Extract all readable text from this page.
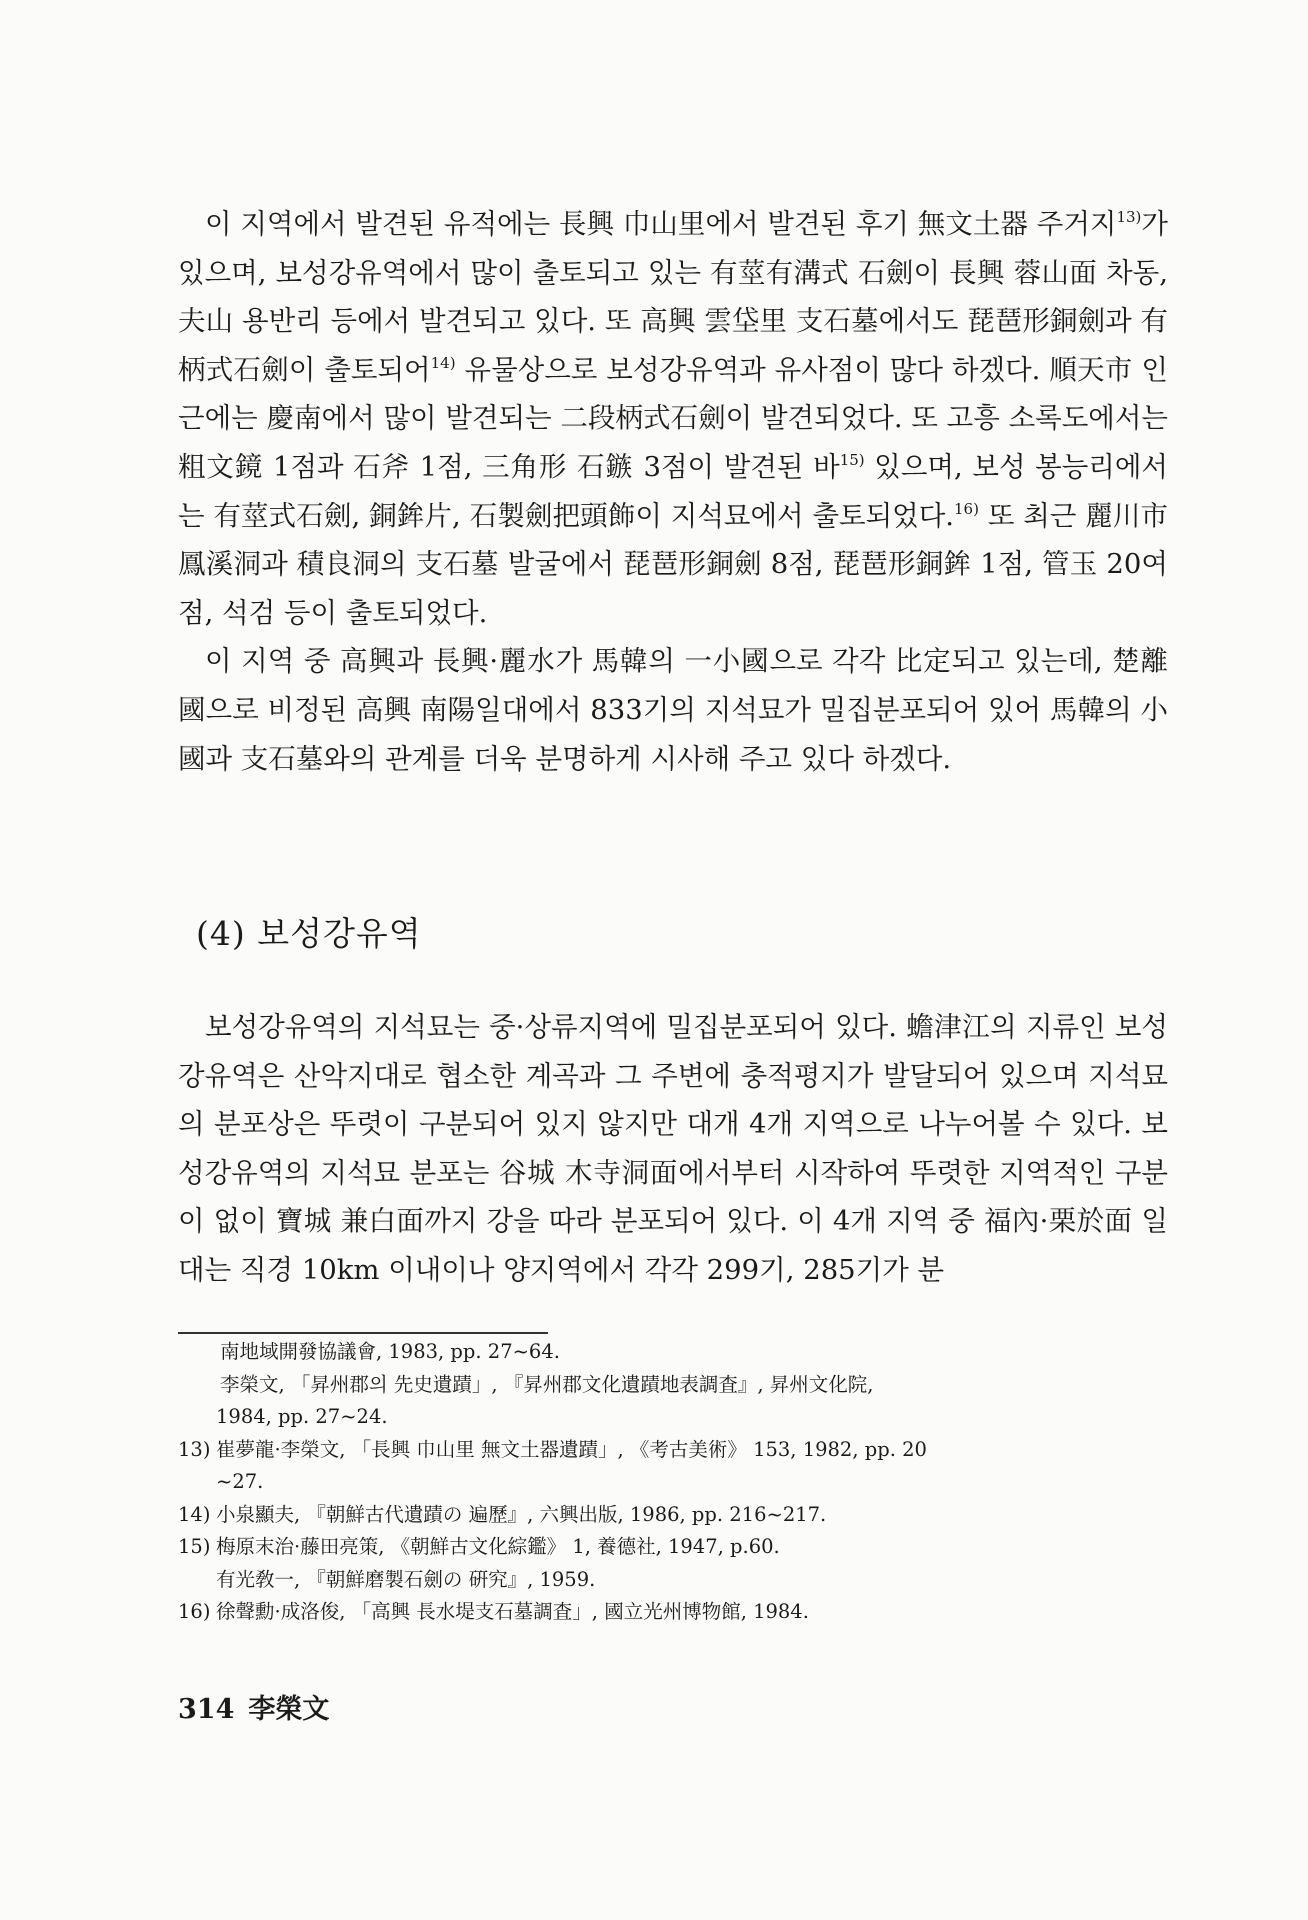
이 지역에서 발견된 유적에는 長興 巾山里에서 발견된 후기 無文土器 주거지$^{13)}$가 있으며, 보성강유역에서 많이 출토되고 있는 有莖有溝式 石劍이 長興 蓉山面 차동, 夫山 용반리 등에서 발견되고 있다. 또 高興 雲垈里 支石墓에서도 琵琶形銅劍과 有柄式石劍이 출토되어$^{14)}$ 유물상으로 보성강유역과 유사점이 많다 하겠다. 順天市 인근에는 慶南에서 많이 발견되는 二段柄式石劍이 발견되었다. 또 고흥 소록도에서는 粗文鏡 1점과 石斧 1점, 三角形 石鏃 3점이 발견된 바$^{15)}$ 있으며, 보성 봉능리에서는 有莖式石劍, 銅鉾片, 石製劍把頭飾이 지석묘에서 출토되었다.$^{16)}$ 또 최근 麗川市 鳳溪洞과 積良洞의 支石墓 발굴에서 琵琶形銅劍 8점, 琵琶形銅鉾 1점, 管玉 20여 점, 석검 등이 출토되었다.

이 지역 중 高興과 長興·麗水가 馬韓의 一小國으로 각각 比定되고 있는데, 楚離國으로 비정된 高興 南陽일대에서 833기의 지석묘가 밀집분포되어 있어 馬韓의 小國과 支石墓와의 관계를 더욱 분명하게 시사해 주고 있다 하겠다.

(4) 보성강유역

보성강유역의 지석묘는 중·상류지역에 밀집분포되어 있다. 蟾津江의 지류인 보성강유역은 산악지대로 협소한 계곡과 그 주변에 충적평지가 발달되어 있으며 지석묘의 분포상은 뚜렷이 구분되어 있지 않지만 대개 4개 지역으로 나누어볼 수 있다. 보성강유역의 지석묘 분포는 谷城 木寺洞面에서부터 시작하여 뚜렷한 지역적인 구분이 없이 寶城 兼白面까지 강을 따라 분포되어 있다. 이 4개 지역 중 福內·栗於面 일대는 직경 10km 이내이나 양지역에서 각각 299기, 285기가 분

南地域開發協議會, 1983, pp. 27~64.
李榮文, 「昇州郡의 先史遺蹟」, 『昇州郡文化遺蹟地表調査』, 昇州文化院,
1984, pp. 27~24.
13) 崔夢龍·李榮文, 「長興 巾山里 無文土器遺蹟」, 《考古美術》 153, 1982, pp. 20
~27.
14) 小泉顯夫, 『朝鮮古代遺蹟の 遍歷』, 六興出版, 1986, pp. 216~217.
15) 梅原末治·藤田亮策, 《朝鮮古文化綜鑑》 1, 養德社, 1947, p.60.
有光敎一, 『朝鮮磨製石劍の 硏究』, 1959.
16) 徐聲勳·成洛俊, 「高興 長水堤支石墓調査」, 國立光州博物館, 1984.
314 李榮文
